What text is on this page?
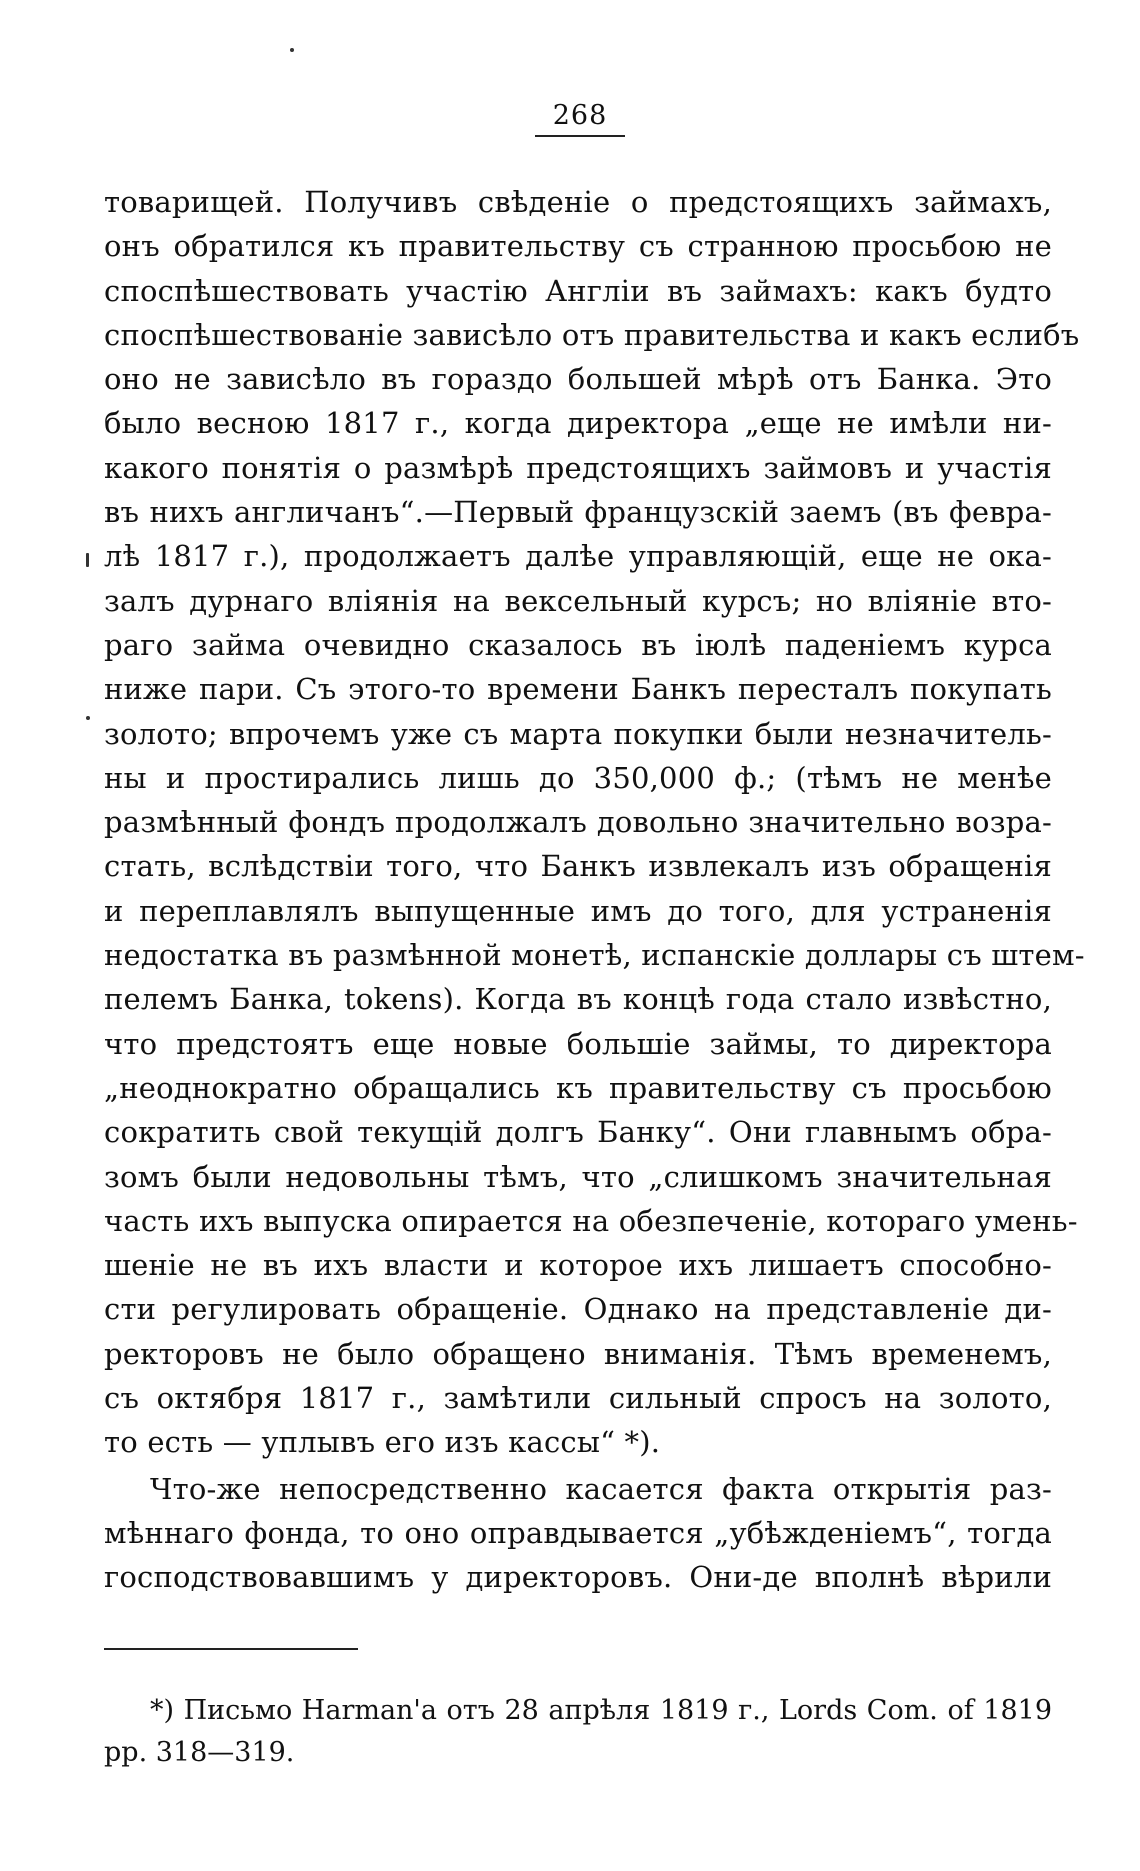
268
товарищей. Получивъ свѣденіе о предстоящихъ займахъ,
онъ обратился къ правительству съ странною просьбою не
споспѣшествовать участію Англіи въ займахъ: какъ будто
споспѣшествованіе зависѣло отъ правительства и какъ еслибъ
оно не зависѣло въ гораздо большей мѣрѣ отъ Банка. Это
было весною 1817 г., когда директора „еще не имѣли ни-
какого понятія о размѣрѣ предстоящихъ займовъ и участія
въ нихъ англичанъ“.—Первый французскій заемъ (въ февра-
лѣ 1817 г.), продолжаетъ далѣе управляющій, еще не ока-
залъ дурнаго вліянія на вексельный курсъ; но вліяніе вто-
раго займа очевидно сказалось въ іюлѣ паденіемъ курса
ниже пари. Съ этого-то времени Банкъ пересталъ покупать
золото; впрочемъ уже съ марта покупки были незначитель-
ны и простирались лишь до 350,000 ф.; (тѣмъ не менѣе
размѣнный фондъ продолжалъ довольно значительно возра-
стать, вслѣдствіи того, что Банкъ извлекалъ изъ обращенія
и переплавлялъ выпущенные имъ до того, для устраненія
недостатка въ размѣнной монетѣ, испанскіе доллары съ штем-
пелемъ Банка, tokens). Когда въ концѣ года стало извѣстно,
что предстоятъ еще новые большіе займы, то директора
„неоднократно обращались къ правительству съ просьбою
сократить свой текущій долгъ Банку“. Они главнымъ обра-
зомъ были недовольны тѣмъ, что „слишкомъ значительная
часть ихъ выпуска опирается на обезпеченіе, котораго умень-
шеніе не въ ихъ власти и которое ихъ лишаетъ способно-
сти регулировать обращеніе. Однако на представленіе ди-
ректоровъ не было обращено вниманія. Тѣмъ временемъ,
съ октября 1817 г., замѣтили сильный спросъ на золото,
то есть — уплывъ его изъ кассы“ *).
Что-же непосредственно касается факта открытія раз-
мѣннаго фонда, то оно оправдывается „убѣжденіемъ“, тогда
господствовавшимъ у директоровъ. Они-де вполнѣ вѣрили
*) Письмо Harman'a отъ 28 апрѣля 1819 г., Lords Com. of 1819
pp. 318—319.
